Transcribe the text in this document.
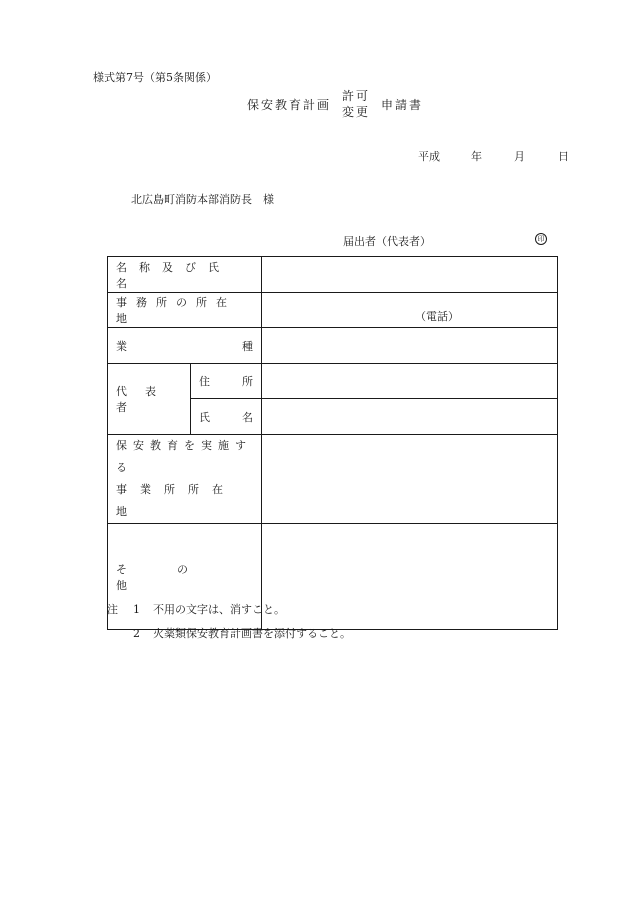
様式第7号（第5条関係）
保安教育計画
許可
変更 申請書
平成	年	月	日
北広島町消防本部消防長　様
届出者（代表者）	印
名称及び氏名		

事務所の所在地		（電話）

業 種		

代表者	住 所	

	氏 名	

保安教育を実施する
事業所所在地		

その他		
注	1	不用の文字は、消すこと。
2	火薬類保安教育計画書を添付すること。
